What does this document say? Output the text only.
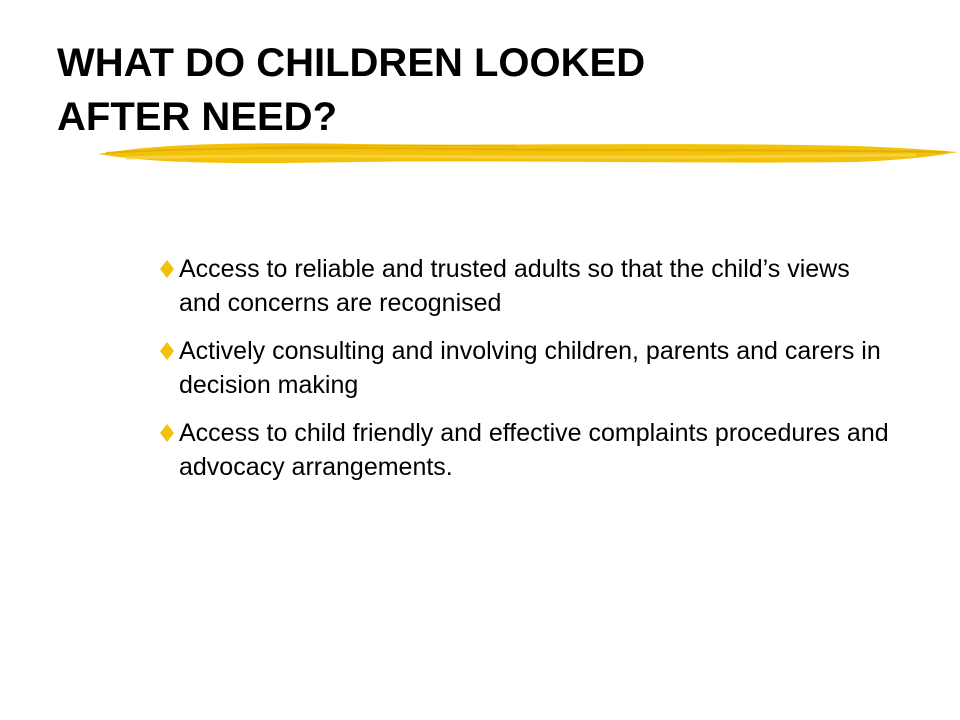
WHAT DO CHILDREN LOOKED
AFTER NEED?
Access to reliable and trusted adults so that the child’s views and concerns are recognised
Actively consulting and involving children, parents and carers in decision making
Access to child friendly and effective complaints procedures and advocacy arrangements.
